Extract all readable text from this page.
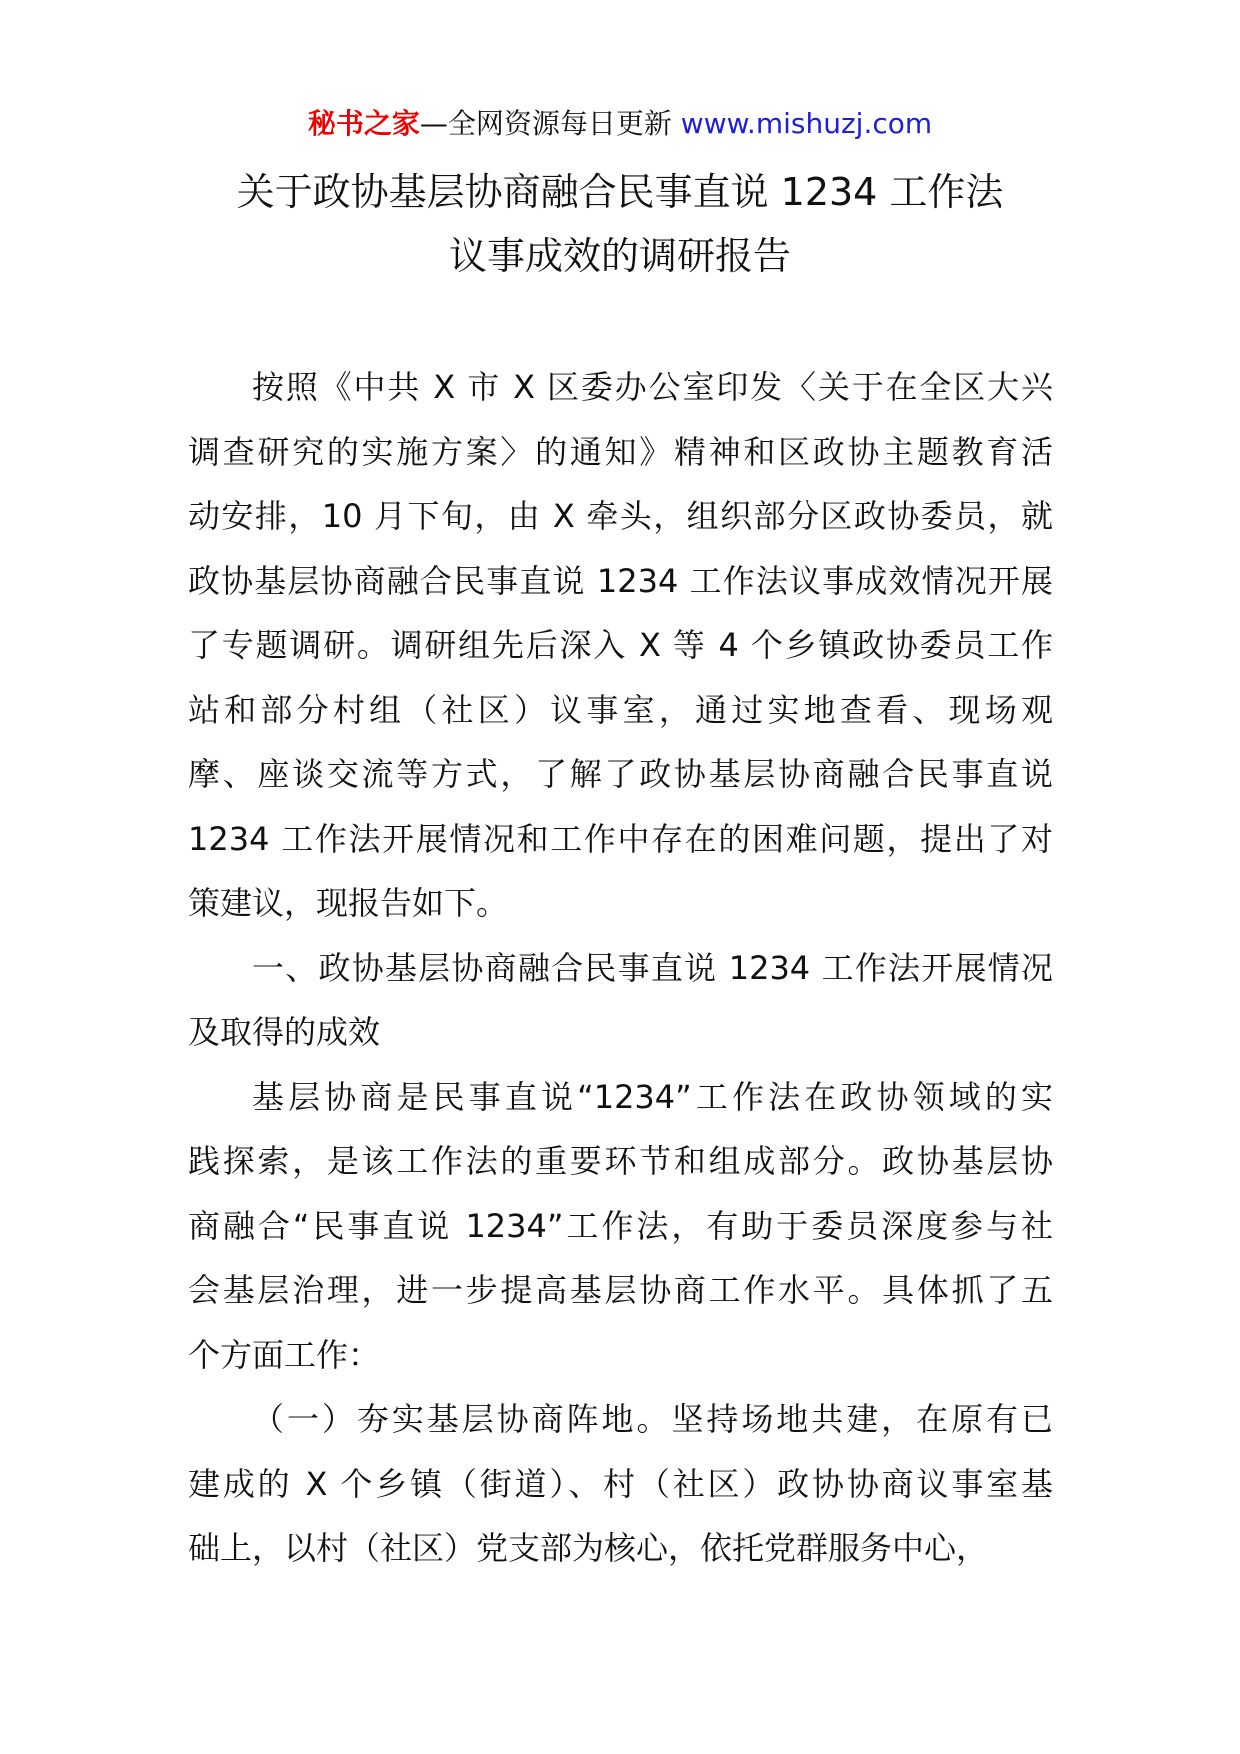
秘书之家—全网资源每日更新 www.mishuzj.com
关于政协基层协商融合民事直说 1234 工作法
议事成效的调研报告
按照《中共 X 市 X 区委办公室印发〈关于在全区大兴
调查研究的实施方案〉的通知》精神和区政协主题教育活
动安排，10 月下旬，由 X 牵头，组织部分区政协委员，就
政协基层协商融合民事直说 1234 工作法议事成效情况开展
了专题调研。调研组先后深入 X 等 4 个乡镇政协委员工作
站和部分村组（社区）议事室，通过实地查看、现场观
摩、座谈交流等方式，了解了政协基层协商融合民事直说
1234 工作法开展情况和工作中存在的困难问题，提出了对
策建议，现报告如下。
一、政协基层协商融合民事直说 1234 工作法开展情况
及取得的成效
基层协商是民事直说“1234”工作法在政协领域的实
践探索，是该工作法的重要环节和组成部分。政协基层协
商融合“民事直说 1234”工作法，有助于委员深度参与社
会基层治理，进一步提高基层协商工作水平。具体抓了五
个方面工作：
（一）夯实基层协商阵地。坚持场地共建，在原有已
建成的 X 个乡镇（街道）、村（社区）政协协商议事室基
础上，以村（社区）党支部为核心，依托党群服务中心，
